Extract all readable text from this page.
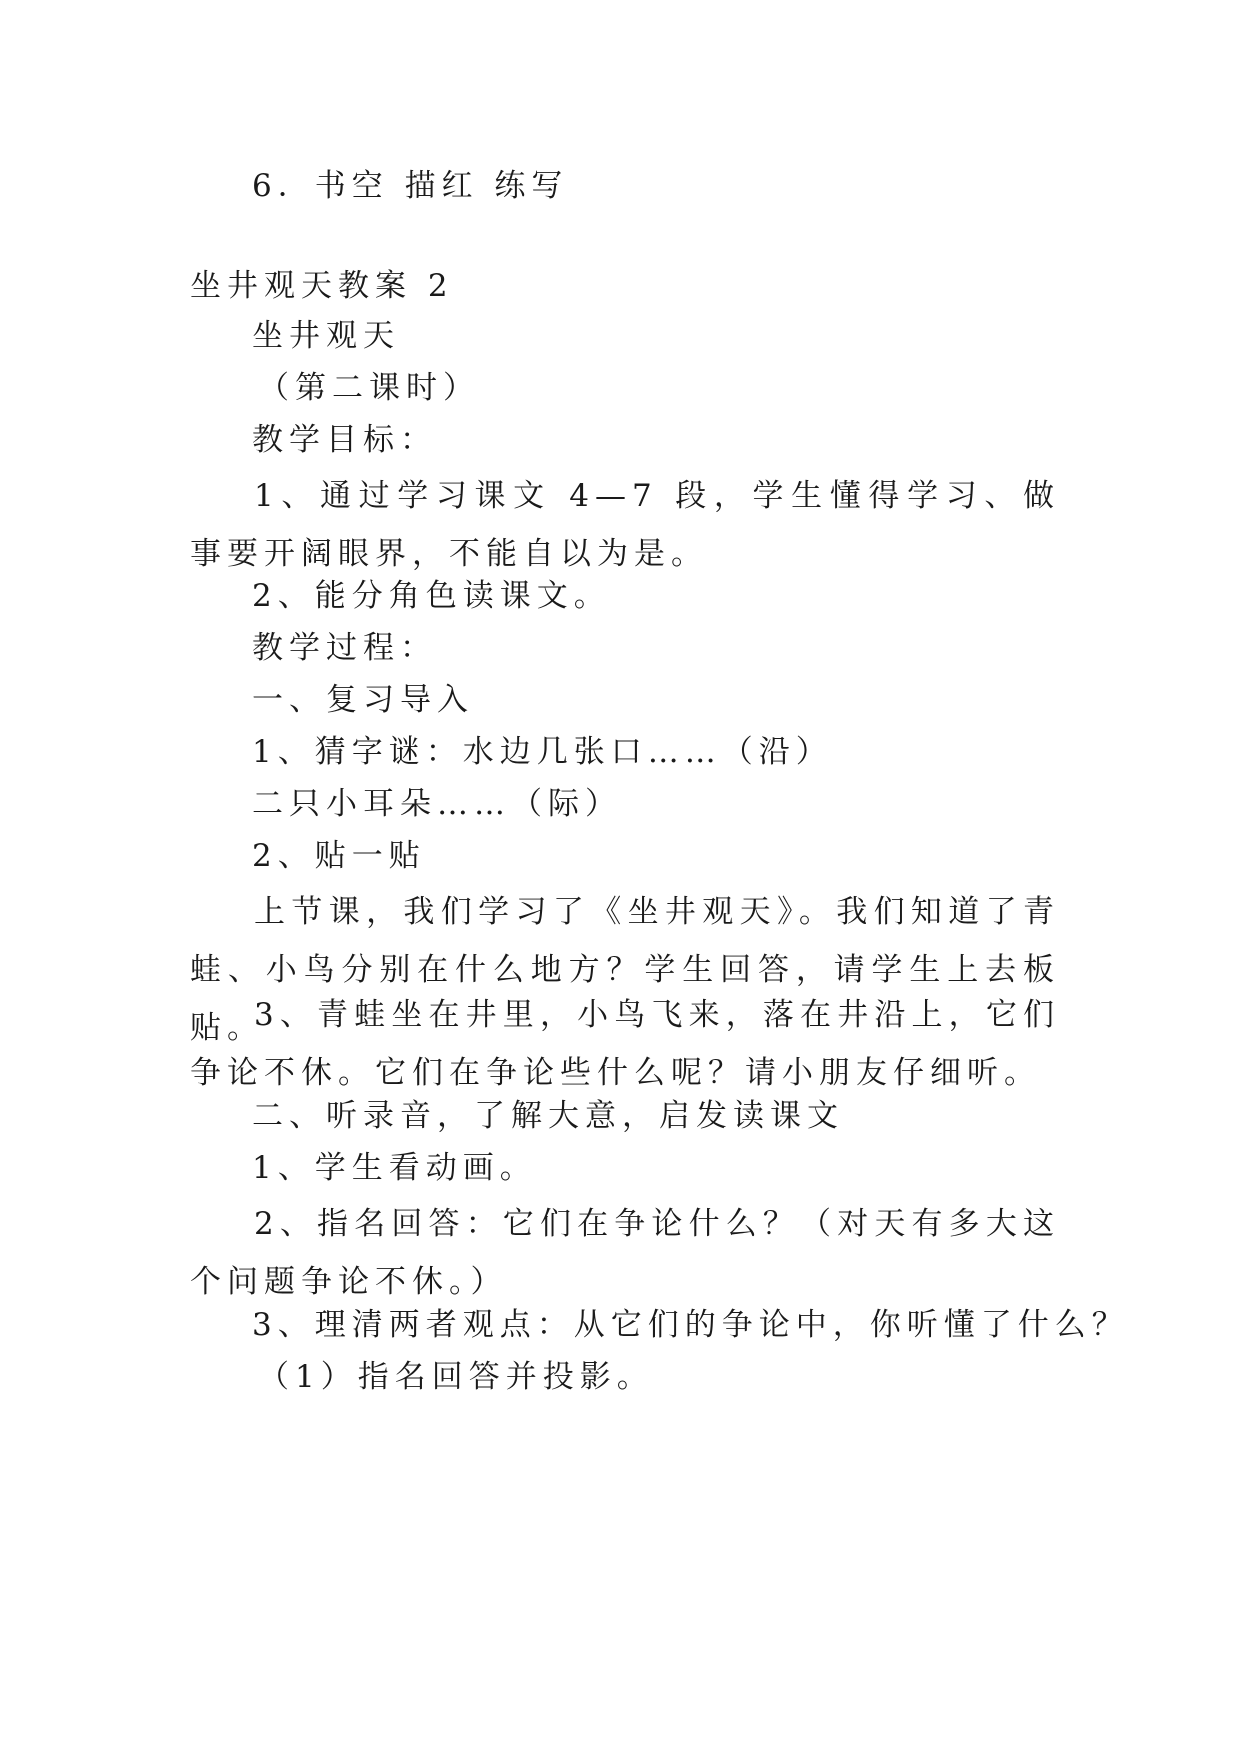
6．书空 描红 练写
坐井观天教案 2
坐井观天
（第二课时）
教学目标：
1、通过学习课文 4—7 段，学生懂得学习、做事要开阔眼界，不能自以为是。
2、能分角色读课文。
教学过程：
一、复习导入
1、猜字谜：水边几张口……（沿）
二只小耳朵……（际）
2、贴一贴
上节课，我们学习了《坐井观天》。我们知道了青蛙、小鸟分别在什么地方？学生回答，请学生上去板贴。
3、青蛙坐在井里，小鸟飞来，落在井沿上，它们争论不休。它们在争论些什么呢？请小朋友仔细听。
二、听录音，了解大意，启发读课文
1、学生看动画。
2、指名回答：它们在争论什么？（对天有多大这个问题争论不休。）
3、理清两者观点：从它们的争论中，你听懂了什么？
（1）指名回答并投影。
